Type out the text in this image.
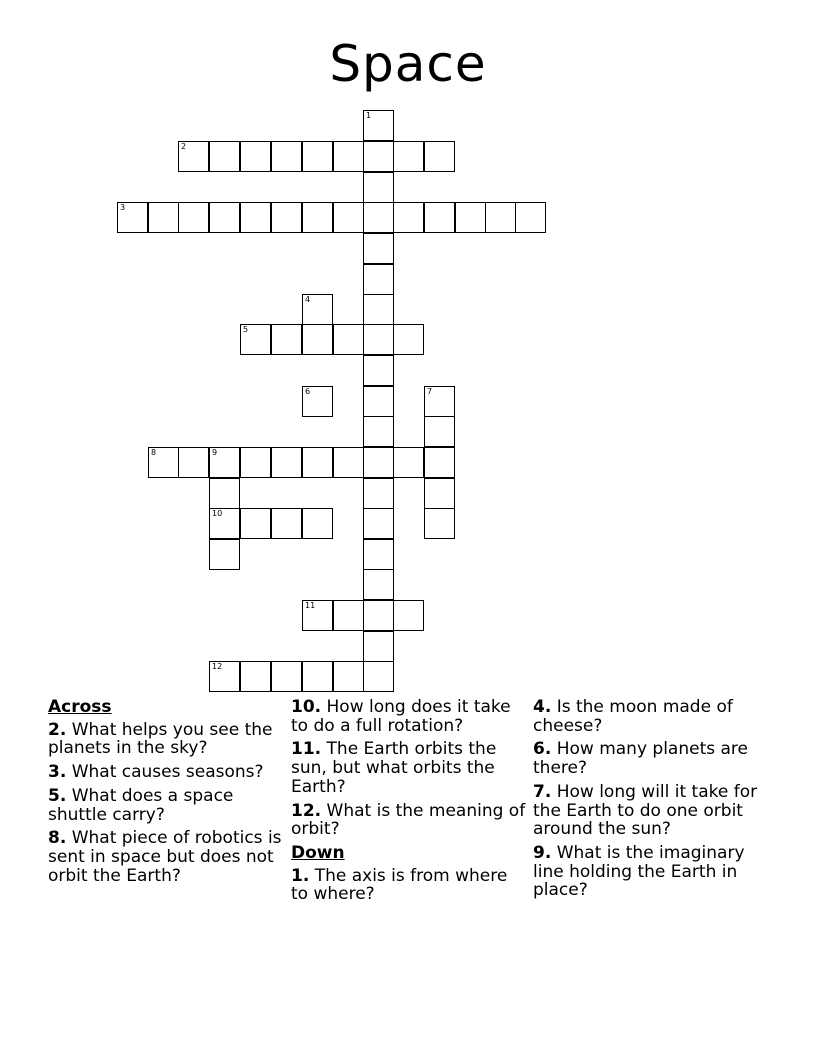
Space
1
2
3
4
5
6	7
8	9
10
11
12
Across
2. What helps you see the planets in the sky?
3. What causes seasons?
5. What does a space shuttle carry?
8. What piece of robotics is sent in space but does not orbit the Earth?
10. How long does it take to do a full rotation?
11. The Earth orbits the sun, but what orbits the Earth?
12. What is the meaning of orbit?
Down
1. The axis is from where to where?
4. Is the moon made of cheese?
6. How many planets are there?
7. How long will it take for the Earth to do one orbit around the sun?
9. What is the imaginary line holding the Earth in place?
